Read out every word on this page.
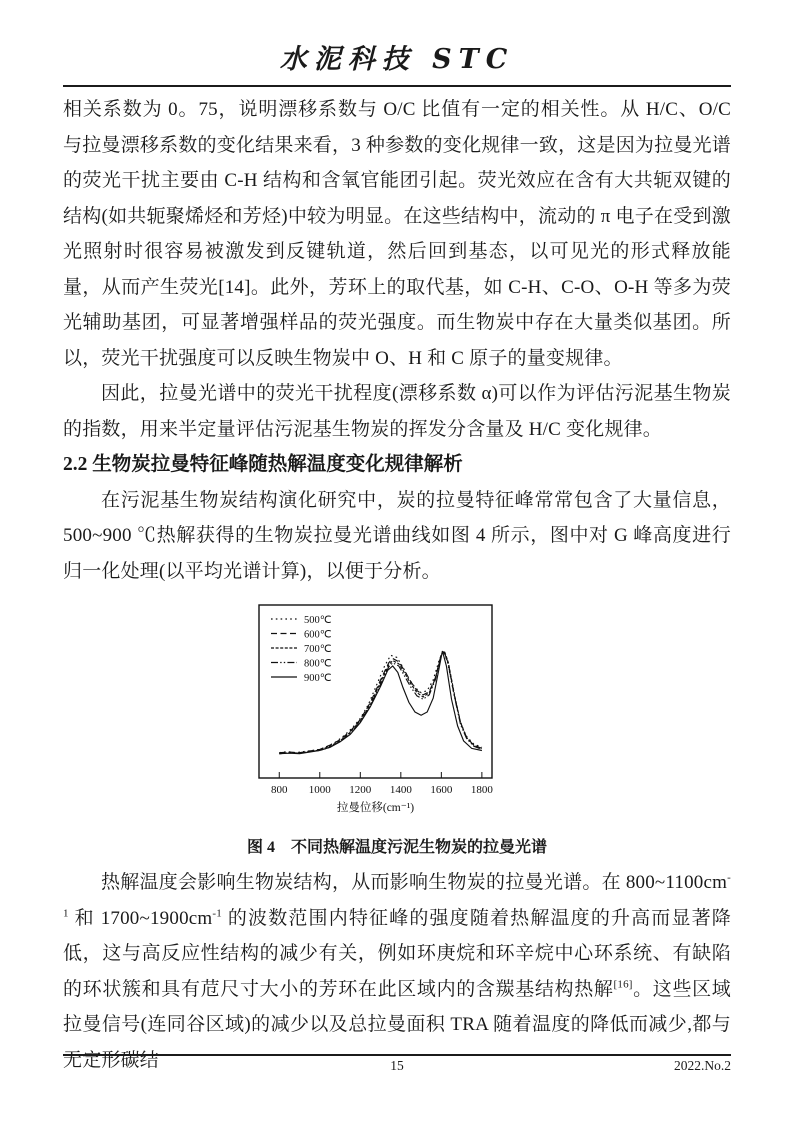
水泥科技 STC

相关系数为 0。75，说明漂移系数与 O/C 比值有一定的相关性。从 H/C、O/C 与拉曼漂移系数的变化结果来看，3 种参数的变化规律一致，这是因为拉曼光谱的荧光干扰主要由 C-H 结构和含氧官能团引起。荧光效应在含有大共轭双键的结构(如共轭聚烯烃和芳烃)中较为明显。在这些结构中，流动的 π 电子在受到激光照射时很容易被激发到反键轨道，然后回到基态，以可见光的形式释放能量，从而产生荧光[14]。此外，芳环上的取代基，如 C-H、C-O、O-H 等多为荧光辅助基团，可显著增强样品的荧光强度。而生物炭中存在大量类似基团。所以，荧光干扰强度可以反映生物炭中 O、H 和 C 原子的量变规律。

因此，拉曼光谱中的荧光干扰程度(漂移系数 α)可以作为评估污泥基生物炭的指数，用来半定量评估污泥基生物炭的挥发分含量及 H/C 变化规律。

2.2 生物炭拉曼特征峰随热解温度变化规律解析

在污泥基生物炭结构演化研究中，炭的拉曼特征峰常常包含了大量信息，500~900 ℃热解获得的生物炭拉曼光谱曲线如图 4 所示，图中对 G 峰高度进行归一化处理(以平均光谱计算)，以便于分析。

800 1000 1200 1400 1600 1800
拉曼位移(cm⁻¹)
500℃
600℃
700℃
800℃
900℃
图 4　不同热解温度污泥生物炭的拉曼光谱

热解温度会影响生物炭结构，从而影响生物炭的拉曼光谱。在 $800\sim 1100cm^{-1}$ 和 $1700\sim 1900cm^{-1}$ 的波数范围内特征峰的强度随着热解温度的升高而显著降低，这与高反应性结构的减少有关，例如环庚烷和环辛烷中心环系统、有缺陷的环状簇和具有苊尺寸大小的芳环在此区域内的含羰基结构热解[16]。这些区域拉曼信号(连同谷区域)的减少以及总拉曼面积 TRA 随着温度的降低而减少,都与无定形碳结	15	2022.No.2
